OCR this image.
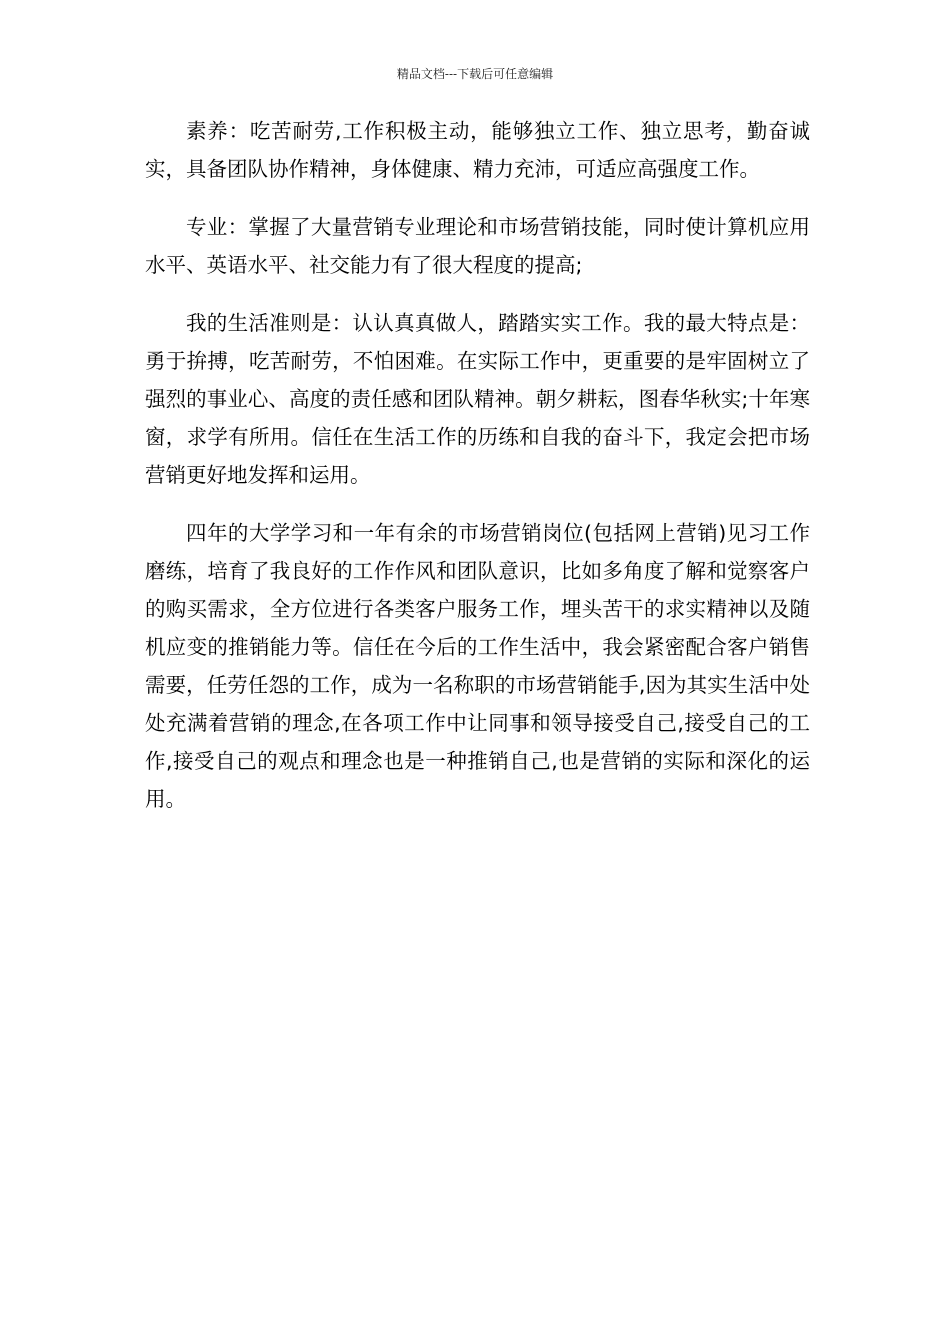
精品文档---下载后可任意编辑

素养：吃苦耐劳,工作积极主动，能够独立工作、独立思考，勤奋诚实，具备团队协作精神，身体健康、精力充沛，可适应高强度工作。

专业：掌握了大量营销专业理论和市场营销技能，同时使计算机应用水平、英语水平、社交能力有了很大程度的提高;

我的生活准则是：认认真真做人，踏踏实实工作。我的最大特点是：勇于拚搏，吃苦耐劳，不怕困难。在实际工作中，更重要的是牢固树立了强烈的事业心、高度的责任感和团队精神。朝夕耕耘，图春华秋实;十年寒窗，求学有所用。信任在生活工作的历练和自我的奋斗下，我定会把市场营销更好地发挥和运用。

四年的大学学习和一年有余的市场营销岗位(包括网上营销)见习工作磨练，培育了我良好的工作作风和团队意识，比如多角度了解和觉察客户的购买需求，全方位进行各类客户服务工作，埋头苦干的求实精神以及随机应变的推销能力等。信任在今后的工作生活中，我会紧密配合客户销售需要，任劳任怨的工作，成为一名称职的市场营销能手,因为其实生活中处处充满着营销的理念,在各项工作中让同事和领导接受自己,接受自己的工作,接受自己的观点和理念也是一种推销自己,也是营销的实际和深化的运用。
